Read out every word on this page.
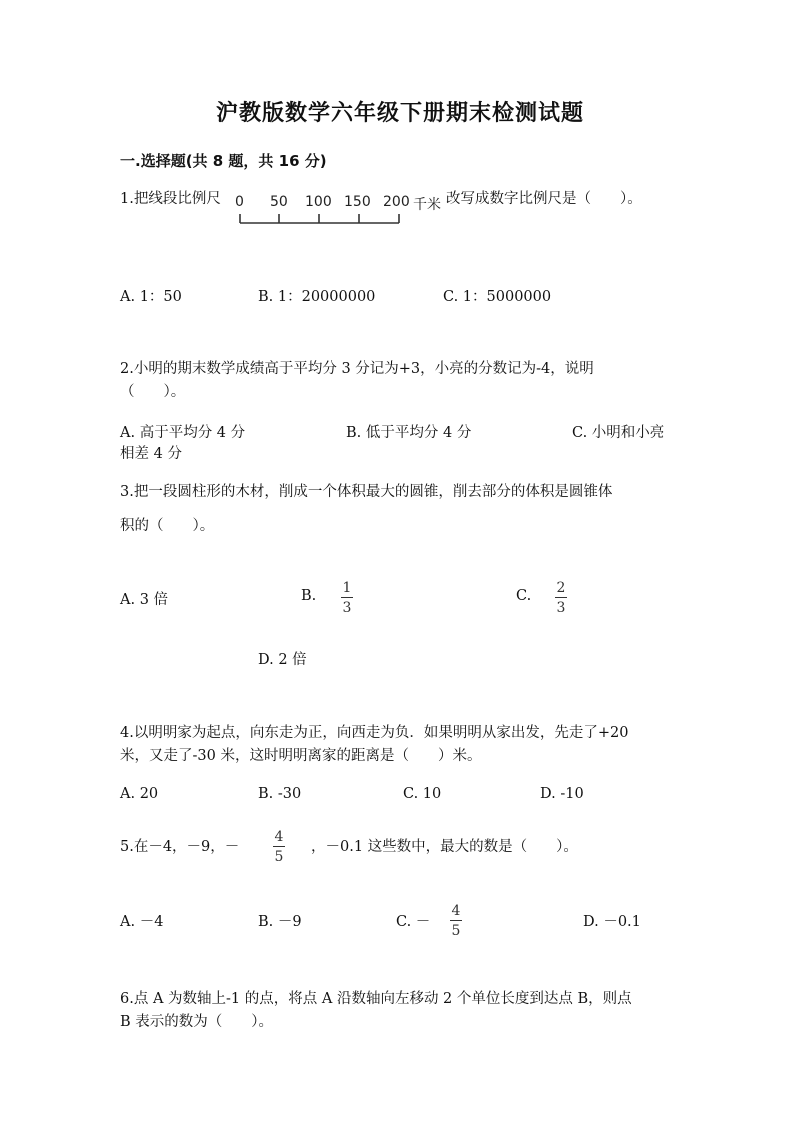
沪教版数学六年级下册期末检测试题
一.选择题(共 8 题，共 16 分)
1.把线段比例尺 0 50 100 150 200 千米 改写成数字比例尺是（　　）。
A. 1：50	B. 1：20000000	C. 1：5000000
2.小明的期末数学成绩高于平均分 3 分记为+3，小亮的分数记为-4，说明
（　　）。
A. 高于平均分 4 分	B. 低于平均分 4 分	C. 小明和小亮
相差 4 分
3.把一段圆柱形的木材，削成一个体积最大的圆锥，削去部分的体积是圆锥体
积的（　　）。
A. 3 倍	B. 1
3
C. 2
3
D. 2 倍
4.以明明家为起点，向东走为正，向西走为负．如果明明从家出发，先走了+20
米，又走了-30 米，这时明明离家的距离是（　　）米。
A. 20	B. -30	C. 10	D. -10
5.在－4，－9，－
4
5
，－0.1 这些数中，最大的数是（　　）。
A. －4	B. －9	C. －
4
5
D. －0.1
6.点 A 为数轴上-1 的点，将点 A 沿数轴向左移动 2 个单位长度到达点 B，则点
B 表示的数为（　　）。
